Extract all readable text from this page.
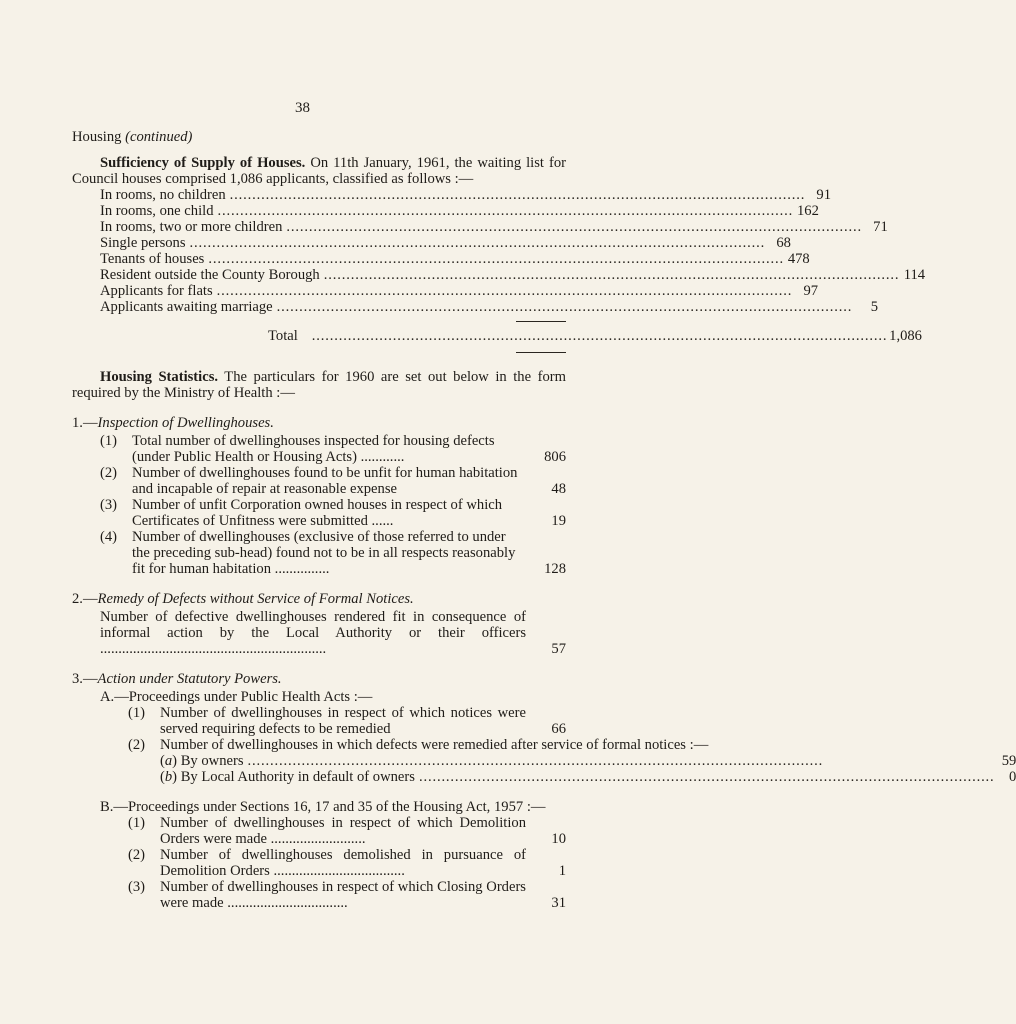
38
Housing (continued)

Sufficiency of Supply of Houses. On 11th January, 1961, the waiting list for Council houses comprised 1,086 applicants, classified as follows :—

In rooms, no children . . .	91
In rooms, one child . . .	162
In rooms, two or more children . . .	71
Single persons . . .	68
Tenants of houses . . .	478
Resident outside the County Borough . . .	114
Applicants for flats . . .	97
Applicants awaiting marriage . . .	5
Total . . .	1,086

Housing Statistics. The particulars for 1960 are set out below in the form required by the Ministry of Health :—

1.—Inspection of Dwellinghouses.
(1)	Total number of dwellinghouses inspected for housing defects (under Public Health or Housing Acts) ............	806
(2)	Number of dwellinghouses found to be unfit for human habitation and incapable of repair at reasonable expense	48
(3)	Number of unfit Corporation owned houses in respect of which Certificates of Unfitness were submitted ......	19
(4)	Number of dwellinghouses (exclusive of those referred to under the preceding sub-head) found not to be in all respects reasonably fit for human habitation ...............	128
2.—Remedy of Defects without Service of Formal Notices.
Number of defective dwellinghouses rendered fit in consequence of informal action by the Local Authority or their officers ..............................................................	57
3.—Action under Statutory Powers.
A.—Proceedings under Public Health Acts :—
(1)	Number of dwellinghouses in respect of which notices were served requiring defects to be remedied	66
(2)	Number of dwellinghouses in which defects were remedied after service of formal notices :—
(a) By owners . . .	59
(b) By Local Authority in default of owners . . .	0
B.—Proceedings under Sections 16, 17 and 35 of the Housing Act, 1957 :—
(1)	Number of dwellinghouses in respect of which Demolition Orders were made ..........................	10
(2)	Number of dwellinghouses demolished in pursuance of Demolition Orders ....................................	1
(3)	Number of dwellinghouses in respect of which Closing Orders were made .................................	31
